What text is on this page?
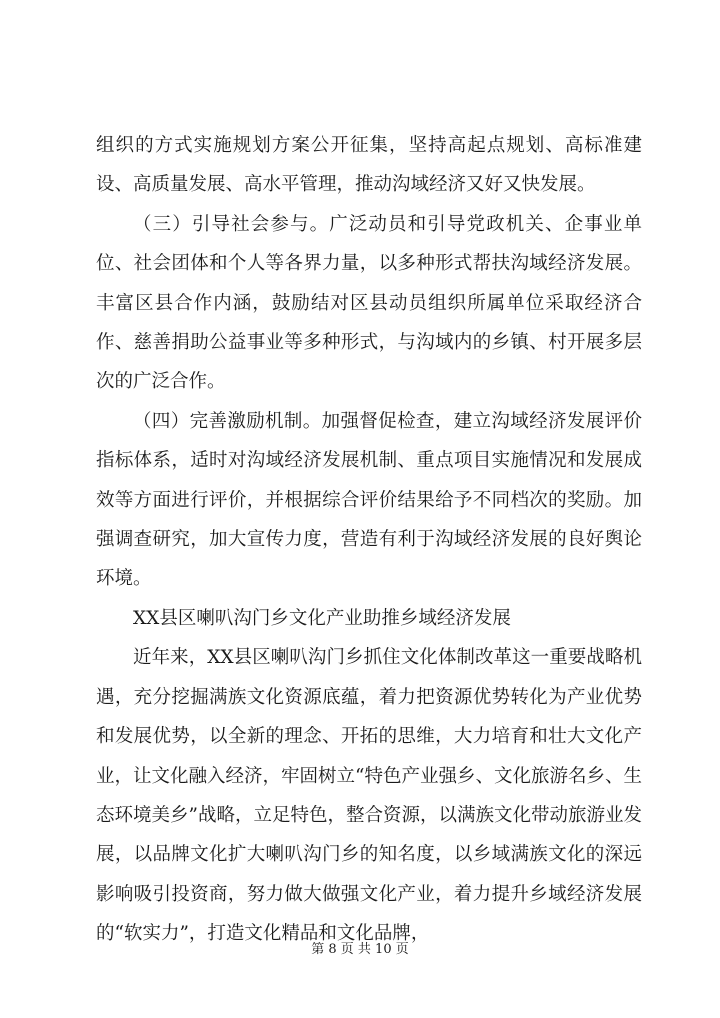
组织的方式实施规划方案公开征集，坚持高起点规划、高标准建设、高质量发展、高水平管理，推动沟域经济又好又快发展。

（三）引导社会参与。广泛动员和引导党政机关、企事业单位、社会团体和个人等各界力量，以多种形式帮扶沟域经济发展。丰富区县合作内涵，鼓励结对区县动员组织所属单位采取经济合作、慈善捐助公益事业等多种形式，与沟域内的乡镇、村开展多层次的广泛合作。

（四）完善激励机制。加强督促检查，建立沟域经济发展评价指标体系，适时对沟域经济发展机制、重点项目实施情况和发展成效等方面进行评价，并根据综合评价结果给予不同档次的奖励。加强调查研究，加大宣传力度，营造有利于沟域经济发展的良好舆论环境。

XX县区喇叭沟门乡文化产业助推乡域经济发展

近年来，XX县区喇叭沟门乡抓住文化体制改革这一重要战略机遇，充分挖掘满族文化资源底蕴，着力把资源优势转化为产业优势和发展优势，以全新的理念、开拓的思维，大力培育和壮大文化产业，让文化融入经济，牢固树立“特色产业强乡、文化旅游名乡、生态环境美乡”战略，立足特色，整合资源，以满族文化带动旅游业发展，以品牌文化扩大喇叭沟门乡的知名度，以乡域满族文化的深远影响吸引投资商，努力做大做强文化产业，着力提升乡域经济发展的“软实力”，打造文化精品和文化品牌，

第 8 页 共 10 页
